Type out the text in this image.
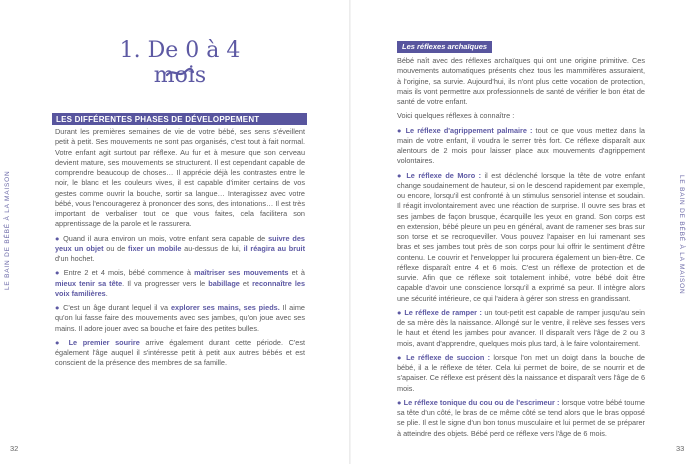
LE BAIN DE BÉBÉ À LA MAISON	LE BAIN DE BÉBÉ À LA MAISON
32	33
1. De 0 à 4 mois
LES DIFFÉRENTES PHASES DE DÉVELOPPEMENT

Durant les premières semaines de vie de votre bébé, ses sens s'éveillent petit à petit. Ses mouvements ne sont pas organisés, c'est tout à fait normal. Votre enfant agit surtout par réflexe. Au fur et à mesure que son cerveau devient mature, ses mouvements se structurent. Il est cependant capable de comprendre beaucoup de choses… Il apprécie déjà les contrastes entre le noir, le blanc et les couleurs vives, il est capable d'imiter certains de vos gestes comme ouvrir la bouche, sortir sa langue… Interagissez avec votre bébé, vous l'encouragerez à prononcer des sons, des intonations… Il est très important de verbaliser tout ce que vous faites, cela facilitera son apprentissage de la parole et le rassurera.

● Quand il aura environ un mois, votre enfant sera capable de suivre des yeux un objet ou de fixer un mobile au-dessus de lui, il réagira au bruit d'un hochet.

● Entre 2 et 4 mois, bébé commence à maîtriser ses mouvements et à mieux tenir sa tête. Il va progresser vers le babillage et reconnaître les voix familières.

● C'est un âge durant lequel il va explorer ses mains, ses pieds. Il aime qu'on lui fasse faire des mouvements avec ses jambes, qu'on joue avec ses mains. Il adore jouer avec sa bouche et faire des petites bulles.

● Le premier sourire arrive également durant cette période. C'est également l'âge auquel il s'intéresse petit à petit aux autres bébés et est conscient de la présence des membres de sa famille.

Les réflexes archaïques

Bébé naît avec des réflexes archaïques qui ont une origine primitive. Ces mouvements automatiques présents chez tous les mammifères assuraient, à l'origine, sa survie. Aujourd'hui, ils n'ont plus cette vocation de protection, mais ils vont permettre aux professionnels de santé de vérifier le bon état de santé de votre enfant.

Voici quelques réflexes à connaître :

● Le réflexe d'agrippement palmaire : tout ce que vous mettez dans la main de votre enfant, il voudra le serrer très fort. Ce réflexe disparaît aux alentours de 2 mois pour laisser place aux mouvements d'agrippement volontaires.

● Le réflexe de Moro : il est déclenché lorsque la tête de votre enfant change soudainement de hauteur, si on le descend rapidement par exemple, ou encore, lorsqu'il est confronté à un stimulus sensoriel intense et soudain. Il réagit involontairement avec une réaction de surprise. Il ouvre ses bras et ses jambes de façon brusque, écarquille les yeux en grand. Son corps est en extension, bébé pleure un peu en général, avant de ramener ses bras sur son torse et se recroqueviller. Vous pouvez l'apaiser en lui ramenant ses bras et ses jambes tout près de son corps pour lui offrir le sentiment d'être contenu. Le couvrir et l'envelopper lui procurera également un bien-être. Ce réflexe disparaît entre 4 et 6 mois. C'est un réflexe de protection et de survie. Afin que ce réflexe soit totalement inhibé, votre bébé doit être capable d'avoir une conscience lorsqu'il a exprimé sa peur. Il intègre alors une sécurité intérieure, ce qui l'aidera à gérer son stress en grandissant.

● Le réflexe de ramper : un tout-petit est capable de ramper jusqu'au sein de sa mère dès la naissance. Allongé sur le ventre, il relève ses fesses vers le haut et étend les jambes pour avancer. Il disparaît vers l'âge de 2 ou 3 mois, avant d'apprendre, quelques mois plus tard, à le faire volontairement.

● Le réflexe de succion : lorsque l'on met un doigt dans la bouche de bébé, il a le réflexe de téter. Cela lui permet de boire, de se nourrir et de s'apaiser. Ce réflexe est présent dès la naissance et disparaît vers l'âge de 6 mois.

● Le réflexe tonique du cou ou de l'escrimeur : lorsque votre bébé tourne sa tête d'un côté, le bras de ce même côté se tend alors que le bras opposé se plie. Il est le signe d'un bon tonus musculaire et lui permet de se préparer à atteindre des objets. Bébé perd ce réflexe vers l'âge de 6 mois.
